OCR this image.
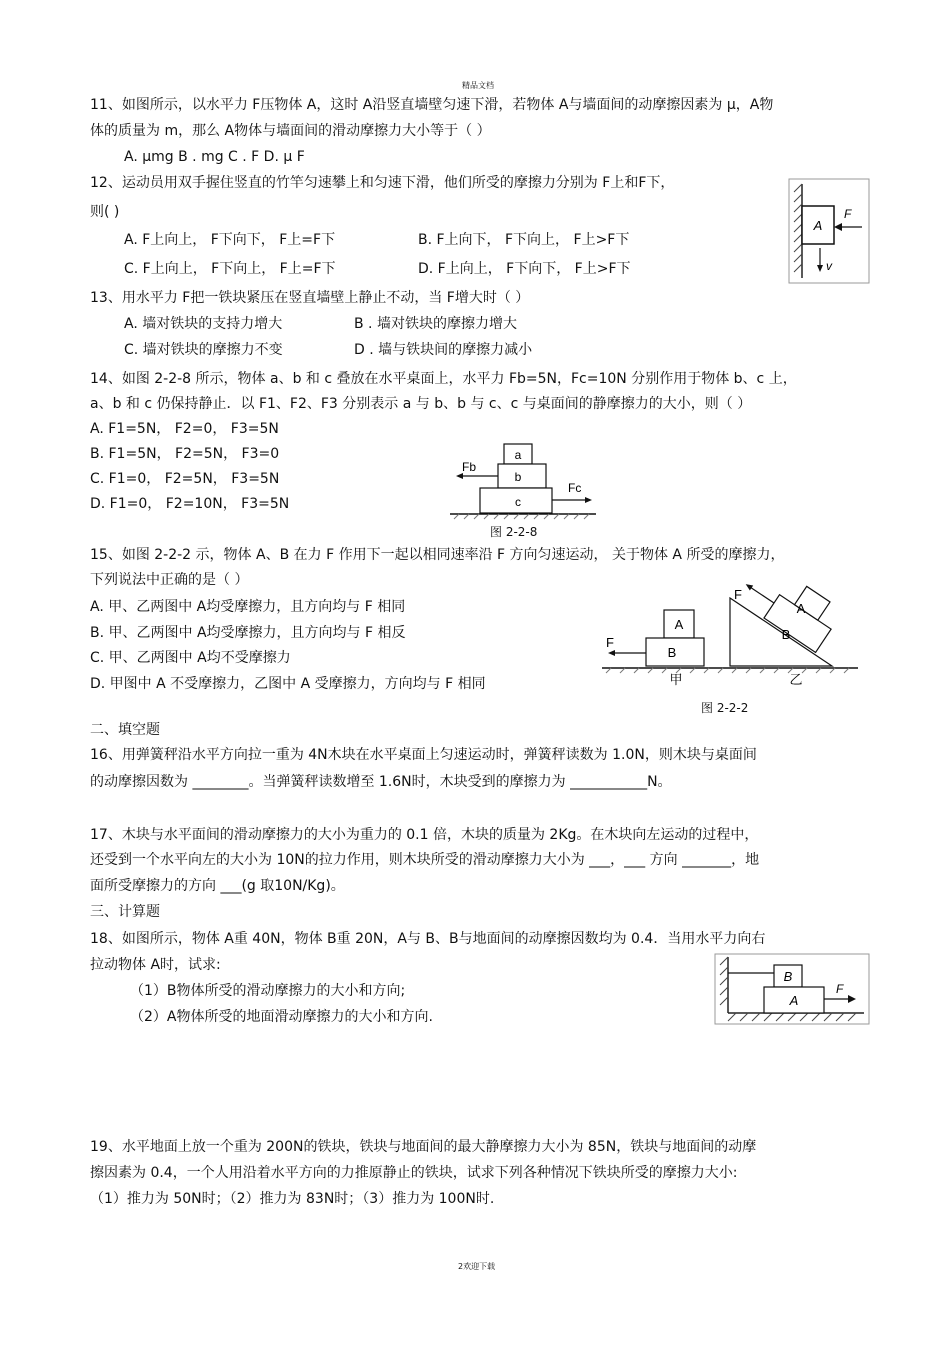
精品文档
11、如图所示，以水平力 F压物体 A，这时 A沿竖直墙壁匀速下滑，若物体 A与墙面间的动摩擦因素为 μ，A物
体的质量为 m，那么 A物体与墙面间的滑动摩擦力大小等于（ ）
A. μmg B . mg C . F D. μ F
12、运动员用双手握住竖直的竹竿匀速攀上和匀速下滑，他们所受的摩擦力分别为 F上和F下，
则( )
A. F上向上， F下向下， F上=F下	B. F上向下， F下向上， F上>F下
C. F上向上， F下向上， F上=F下	D. F上向上， F下向下， F上>F下
A
F
v
13、用水平力 F把一铁块紧压在竖直墙壁上静止不动，当 F增大时（ ）
A. 墙对铁块的支持力增大	B . 墙对铁块的摩擦力增大
C. 墙对铁块的摩擦力不变	D . 墙与铁块间的摩擦力减小
14、如图 2-2-8 所示，物体 a、b 和 c 叠放在水平桌面上，水平力 Fb=5N，Fc=10N 分别作用于物体 b、c 上，
a、b 和 c 仍保持静止．以 F1、F2、F3 分别表示 a 与 b、b 与 c、c 与桌面间的静摩擦力的大小，则（ ）
A. F1=5N， F2=0， F3=5N
B. F1=5N， F2=5N， F3=0
C. F1=0， F2=5N， F3=5N
D. F1=0， F2=10N， F3=5N
a
b
c
Fb
Fc
图 2-2-8
15、如图 2-2-2 示，物体 A、B 在力 F 作用下一起以相同速率沿 F 方向匀速运动， 关于物体 A 所受的摩擦力，
下列说法中正确的是（ ）
A. 甲、乙两图中 A均受摩擦力，且方向均与 F 相同
B. 甲、乙两图中 A均受摩擦力，且方向均与 F 相反
C. 甲、乙两图中 A均不受摩擦力
D. 甲图中 A 不受摩擦力，乙图中 A 受摩擦力，方向均与 F 相同
A
B
F
B
A
F
甲	乙
图 2-2-2
二、填空题
16、用弹簧秤沿水平方向拉一重为 4N木块在水平桌面上匀速运动时，弹簧秤读数为 1.0N，则木块与桌面间
的动摩擦因数为 ________。当弹簧秤读数增至 1.6N时，木块受到的摩擦力为 ___________N。
17、木块与水平面间的滑动摩擦力的大小为重力的 0.1 倍，木块的质量为 2Kg。在木块向左运动的过程中，
还受到一个水平向左的大小为 10N的拉力作用，则木块所受的滑动摩擦力大小为 ___，___ 方向 _______，地
面所受摩擦力的方向 ___(g 取10N/Kg)。
三、计算题
18、如图所示，物体 A重 40N，物体 B重 20N，A与 B、B与地面间的动摩擦因数均为 0.4．当用水平力向右
拉动物体 A时，试求:
（1）B物体所受的滑动摩擦力的大小和方向;
（2）A物体所受的地面滑动摩擦力的大小和方向.
B
A
F
19、水平地面上放一个重为 200N的铁块，铁块与地面间的最大静摩擦力大小为 85N，铁块与地面间的动摩
擦因素为 0.4，一个人用沿着水平方向的力推原静止的铁块，试求下列各种情况下铁块所受的摩擦力大小:
（1）推力为 50N时；（2）推力为 83N时；（3）推力为 100N时.
2欢迎下载
